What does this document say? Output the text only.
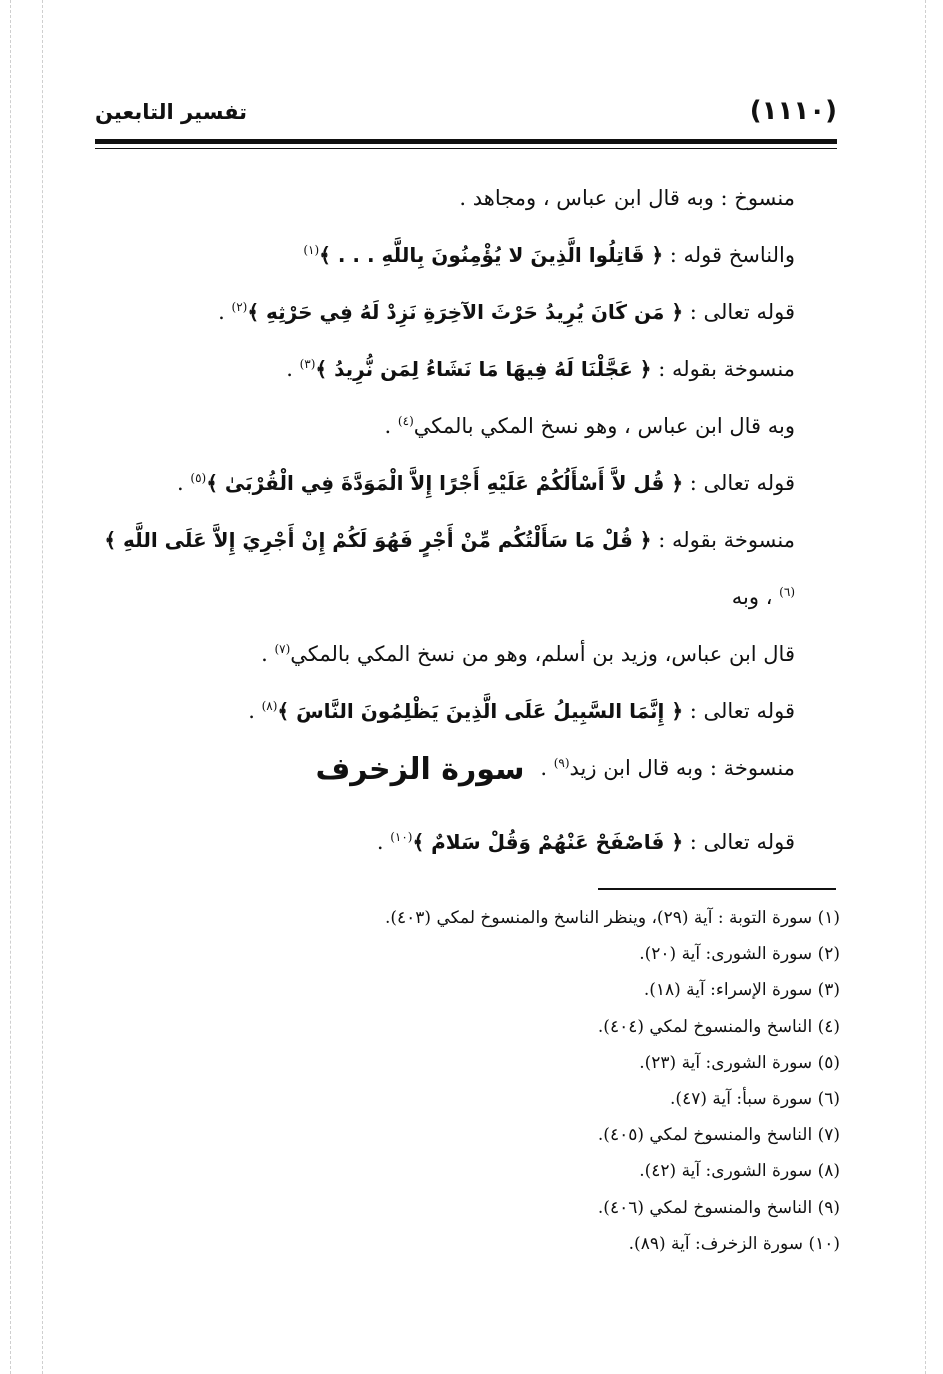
(١١١٠)
تفسير التابعين

منسوخ : وبه قال ابن عباس ، ومجاهد .

والناسخ قوله : ﴿ قَاتِلُوا الَّذِينَ لا يُؤْمِنُونَ بِاللَّهِ . . . ﴾$^{(١)}$

قوله تعالى : ﴿ مَن كَانَ يُرِيدُ حَرْثَ الآخِرَةِ نَزِدْ لَهُ فِي حَرْثِهِ ﴾$^{(٢)}$ .

منسوخة بقوله : ﴿ عَجَّلْنَا لَهُ فِيهَا مَا نَشَاءُ لِمَن نُّرِيدُ ﴾$^{(٣)}$ .

وبه قال ابن عباس ، وهو نسخ المكي بالمكي$^{(٤)}$ .

قوله تعالى : ﴿ قُل لاَّ أَسْأَلُكُمْ عَلَيْهِ أَجْرًا إِلاَّ الْمَوَدَّةَ فِي الْقُرْبَىٰ ﴾$^{(٥)}$ .

منسوخة بقوله : ﴿ قُلْ مَا سَأَلْتُكُم مِّنْ أَجْرٍ فَهُوَ لَكُمْ إِنْ أَجْرِيَ إِلاَّ عَلَى اللَّهِ ﴾$^{(٦)}$ ، وبه

قال ابن عباس، وزيد بن أسلم، وهو من نسخ المكي بالمكي$^{(٧)}$ .

قوله تعالى : ﴿ إِنَّمَا السَّبِيلُ عَلَى الَّذِينَ يَظْلِمُونَ النَّاسَ ﴾$^{(٨)}$ .

منسوخة : وبه قال ابن زيد$^{(٩)}$ .

سورة الزخرف
قوله تعالى : ﴿ فَاصْفَحْ عَنْهُمْ وَقُلْ سَلامٌ ﴾$^{(١٠)}$ .
(١) سورة التوبة : آية (٢٩)، وينظر الناسخ والمنسوخ لمكي (٤٠٣).
(٢) سورة الشورى: آية (٢٠).
(٣) سورة الإسراء: آية (١٨).
(٤) الناسخ والمنسوخ لمكي (٤٠٤).
(٥) سورة الشورى: آية (٢٣).
(٦) سورة سبأ: آية (٤٧).
(٧) الناسخ والمنسوخ لمكي (٤٠٥).
(٨) سورة الشورى: آية (٤٢).
(٩) الناسخ والمنسوخ لمكي (٤٠٦).
(١٠) سورة الزخرف: آية (٨٩).
